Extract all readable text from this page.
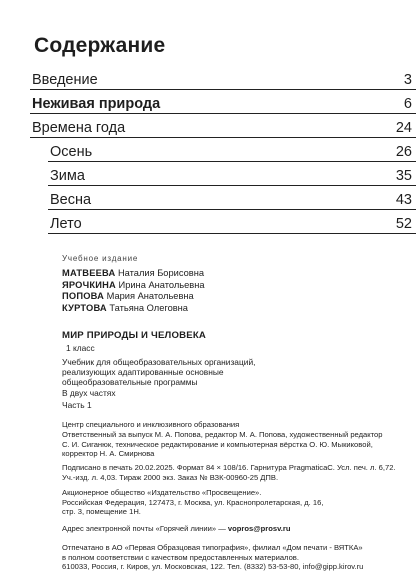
Содержание
Введение	3
Неживая природа	6
Времена года	24
Осень	26
Зима	35
Весна	43
Лето	52
Учебное издание
МАТВЕЕВА Наталия Борисовна
ЯРОЧКИНА Ирина Анатольевна
ПОПОВА Мария Анатольевна
КУРТОВА Татьяна Олеговна
МИР ПРИРОДЫ И ЧЕЛОВЕКА
1 класс
Учебник для общеобразовательных организаций,
реализующих адаптированные основные
общеобразовательные программы
В двух частях
Часть 1
Центр специального и инклюзивного образования
Ответственный за выпуск М. А. Попова, редактор М. А. Попова, художественный редактор
С. И. Сиганюк, техническое редактирование и компьютерная вёрстка О. Ю. Мыкиковой,
корректор Н. А. Смирнова
Подписано в печать 20.02.2025. Формат 84 × 108/16. Гарнитура PragmaticaC. Усл. печ. л. 6,72.
Уч.-изд. л. 4,03. Тираж 2000 экз. Заказ № ВЗК-00960-25 ДПВ.
Акционерное общество «Издательство «Просвещение».
Российская Федерация, 127473, г. Москва, ул. Краснопролетарская, д. 16,
стр. 3, помещение 1Н.
Адрес электронной почты «Горячей линии» — vopros@prosv.ru
Отпечатано в АО «Первая Образцовая типография», филиал «Дом печати - ВЯТКА»
в полном соответствии с качеством предоставленных материалов.
610033, Россия, г. Киров, ул. Московская, 122. Тел. (8332) 53-53-80, info@gipp.kirov.ru
